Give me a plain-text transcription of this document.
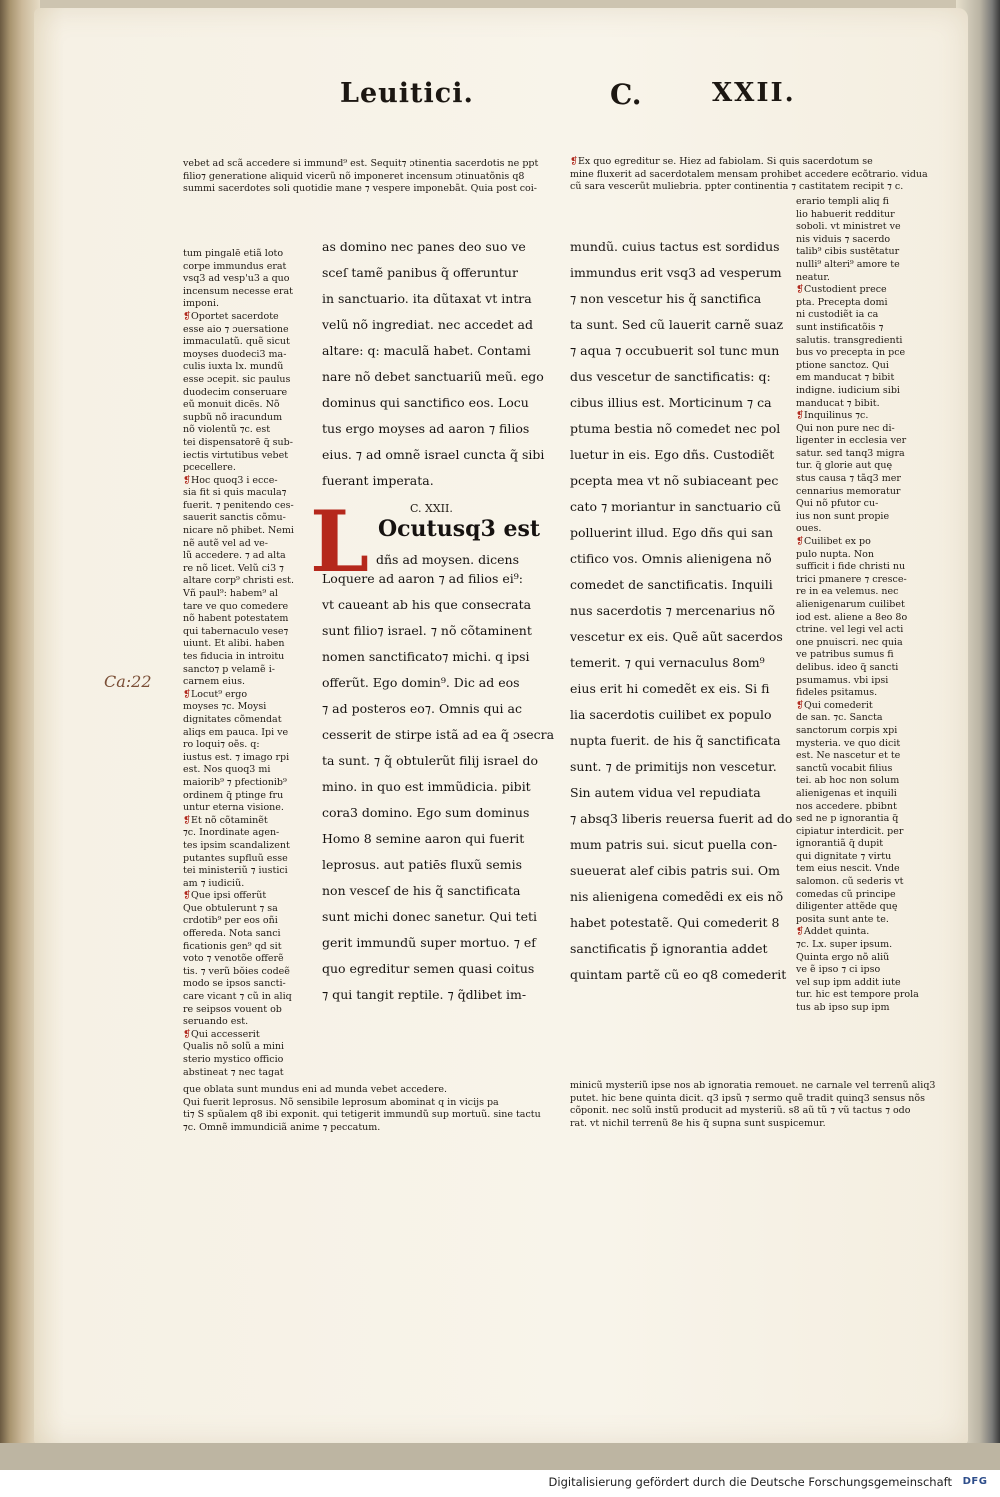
Leuitici.	C.	XXII.
Ca:22

vebet ad scã accedere si immund⁹ est. Sequit⁊ ɔtinentia sacerdotis ne ppt

filio⁊ generatione aliquid vicerũ nõ imponeret incensum ɔtinuatõnis q8

summi sacerdotes soli quotidie mane ⁊ vespere imponebãt. Quia post coi-

tum pingalē etiã loto

corpe immundus erat

vsq3 ad vesp'u3 a quo

incensum necesse erat

imponi.

❡Oportet sacerdote

esse aio ⁊ ɔuersatione

immaculatũ. quẽ sicut

moyses duodeci3 ma-

culis iuxta lx. mundũ

esse ɔcepit. sic paulus

duodecim conseruare

eũ monuit dicēs. Nõ

supbũ nõ iracundum

nõ violentũ ⁊c. est

tei dispensatorē q̃ sub-

iectis virtutibus vebet

pcecellere.

❡Hoc quoq3 i ecce-

sia fit si quis macula⁊

fuerit. ⁊ penitendo ces-

sauerit sanctis cõmu-

nicare nõ phibet. Nemi

nẽ autẽ vel ad ve-

lũ accedere. ⁊ ad alta

re nõ licet. Velũ ci3 ⁊

altare corp⁹ christi est.

Vñ paul⁹: habem⁹ al

tare ve quo comedere

nõ habent potestatem

qui tabernaculo vese⁊

uiunt. Et alibi. haben

tes fiducia in introitu

sancto⁊ p velamẽ i-

carnem eius.

❡Locut⁹ ergo

moyses ⁊c. Moysi

dignitates cõmendat

aliqs em pauca. Ipi ve

ro loqui⁊ oẽs. q:

iustus est. ⁊ imago rpi

est. Nos quoq3 mi

maiorib⁹ ⁊ pfectionib⁹

ordinem q̃ ptinge fru

untur eterna visione.

❡Et nõ cõtaminẽt

⁊c. Inordinate agen-

tes ipsim scandalizent

putantes supfluũ esse

tei ministeriũ ⁊ iustici

am ⁊ iudiciũ.

❡Que ipsi offerũt

Que obtulerunt ⁊ sa

crdotib⁹ per eos oñi

offereda. Nota sanci

ficationis gen⁹ qd sit

voto ⁊ venotõe offerẽ

tis. ⁊ verũ bŏies codeẽ

modo se ipsos sancti-

care vicant ⁊ cũ in aliq

re seipsos vouent ob

seruando est.

❡Qui accesserit

Qualis nõ solũ a mini

sterio mystico officio

abstineat ⁊ nec tagat

as domino nec panes deo suo ve

sceſ tamẽ panibus q̃ offeruntur

in sanctuario. ita dũtaxat vt intra

velũ nõ ingrediat. nec accedet ad

altare: q: maculã habet. Contami

nare nõ debet sanctuariũ meũ. ego

dominus qui sanctifico eos. Locu

tus ergo moyses ad aaron ⁊ filios

eius. ⁊ ad omnẽ israel cuncta q̃ sibi

fuerant imperata.

C. XXII.
L Ocutusq3 est
dñs ad moysen. dicens

Loquere ad aaron ⁊ ad filios ei⁹:

vt caueant ab his que consecrata

sunt filio⁊ israel. ⁊ nõ cõtaminent

nomen sanctificato⁊ michi. q ipsi

offerũt. Ego domin⁹. Dic ad eos

⁊ ad posteros eo⁊. Omnis qui ac

cesserit de stirpe istã ad ea q̃ ɔsecra

ta sunt. ⁊ q̃ obtulerũt filij israel do

mino. in quo est immũdicia. pibit

cora3 domino. Ego sum dominus

Homo 8 semine aaron qui fuerit

leprosus. aut patiēs fluxũ semis

non vesceſ de his q̃ sanctificata

sunt michi donec sanetur. Qui teti

gerit immundũ super mortuo. ⁊ ef

quo egreditur semen quasi coitus

⁊ qui tangit reptile. ⁊ q̃dlibet im-

que oblata sunt mundus eni ad munda vebet accedere.

Qui fuerit leprosus. Nõ sensibile leprosum abominat q in vicijs pa

ti⁊ S spũalem q8 ibi exponit. qui tetigerit immundũ sup mortuũ. sine tactu

⁊c. Omnẽ immundiciã anime ⁊ peccatum.

❡Ex quo egreditur se. Hiez ad fabiolam. Si quis sacerdotum se

mine fluxerit ad sacerdotalem mensam prohibet accedere ecõtrario. vidua

cũ sara vescerũt muliebria. ppter continentia ⁊ castitatem recipit ⁊ c.

erario templi aliq fi

lio habuerit redditur

soboli. vt ministret ve

nis viduis ⁊ sacerdo

talib⁹ cibis sustētatur

nulli⁹ alteri⁹ amore te

neatur.

❡Custodient prece

pta. Precepta domi

ni custodiẽt ia ca

sunt instificatõis ⁊

salutis. transgredienti

bus vo precepta in pce

ptione sanctoz. Qui

em manducat ⁊ bibit

indigne. iudicium sibi

manducat ⁊ bibit.

❡Inquilinus ⁊c.

Qui non pure nec di-

ligenter in ecclesia ver

satur. sed tanq3 migra

tur. q̃ glorie aut quę

stus causa ⁊ tãq3 mer

cennarius memoratur

Qui nõ pfutor cu-

ius non sunt propie

oues.

❡Cuilibet ex po

pulo nupta. Non

sufficit i fide christi nu

trici pmanere ⁊ cresce-

re in ea velemus. nec

alienigenarum cuilibet

iod est. aliene a 8eo 8o

ctrine. vel legi vel acti

one pnuiscri. nec quia

ve patribus sumus fi

delibus. ideo q̃ sancti

psumamus. vbi ipsi

fideles psitamus.

❡Qui comederit

de san. ⁊c. Sancta

sanctorum corpis xpi

mysteria. ve quo dicit

est. Ne nascetur et te

sanctũ vocabit filius

tei. ab hoc non solum

alienigenas et inquili

nos accedere. pbibnt

sed ne p ignorantia q̃

cipiatur interdicit. per

ignorantiã q̃ dupit

qui dignitate ⁊ virtu

tem eius nescit. Vnde

salomon. cũ sederis vt

comedas cũ principe

diligenter attẽde quę

posita sunt ante te.

❡Addet quinta.

⁊c. Lx. super ipsum.

Quinta ergo nõ aliũ

ve ẽ ipso ⁊ ci ipso

vel sup ipm addit iute

tur. hic est tempore prola

tus ab ipso sup ipm

mundũ. cuius tactus est sordidus

immundus erit vsq3 ad vesperum

⁊ non vescetur his q̃ sanctifica

ta sunt. Sed cũ lauerit carnẽ suaz

⁊ aqua ⁊ occubuerit sol tunc mun

dus vescetur de sanctificatis: q:

cibus illius est. Morticinum ⁊ ca

ptuma bestia nõ comedet nec pol

luetur in eis. Ego dñs. Custodiẽt

pcepta mea vt nõ subiaceant pec

cato ⁊ moriantur in sanctuario cũ

polluerint illud. Ego dñs qui san

ctifico vos. Omnis alienigena nõ

comedet de sanctificatis. Inquili

nus sacerdotis ⁊ mercenarius nõ

vescetur ex eis. Quẽ aũt sacerdos

temerit. ⁊ qui vernaculus 8om⁹

eius erit hi comedẽt ex eis. Si fi

lia sacerdotis cuilibet ex populo

nupta fuerit. de his q̃ sanctificata

sunt. ⁊ de primitijs non vescetur.

Sin autem vidua vel repudiata

⁊ absq3 liberis reuersa fuerit ad do

mum patris sui. sicut puella con-

sueuerat alef cibis patris sui. Om

nis alienigena comedẽdi ex eis nõ

habet potestatẽ. Qui comederit 8

sanctificatis p̃ ignorantia addet

quintam partẽ cũ eo q8 comederit

minicũ mysteriũ ipse nos ab ignoratia remouet. ne carnale vel terrenũ aliq3

putet. hic bene quinta dicit. q3 ipsũ ⁊ sermo quẽ tradit quinq3 sensus nõs

cõponit. nec solũ instũ producit ad mysteriũ. s8 aũ tũ ⁊ vũ tactus ⁊ odo

rat. vt nichil terrenũ 8e his q̃ supna sunt suspicemur.

Digitalisierung gefördert durch die Deutsche Forschungsgemeinschaft	DFG
